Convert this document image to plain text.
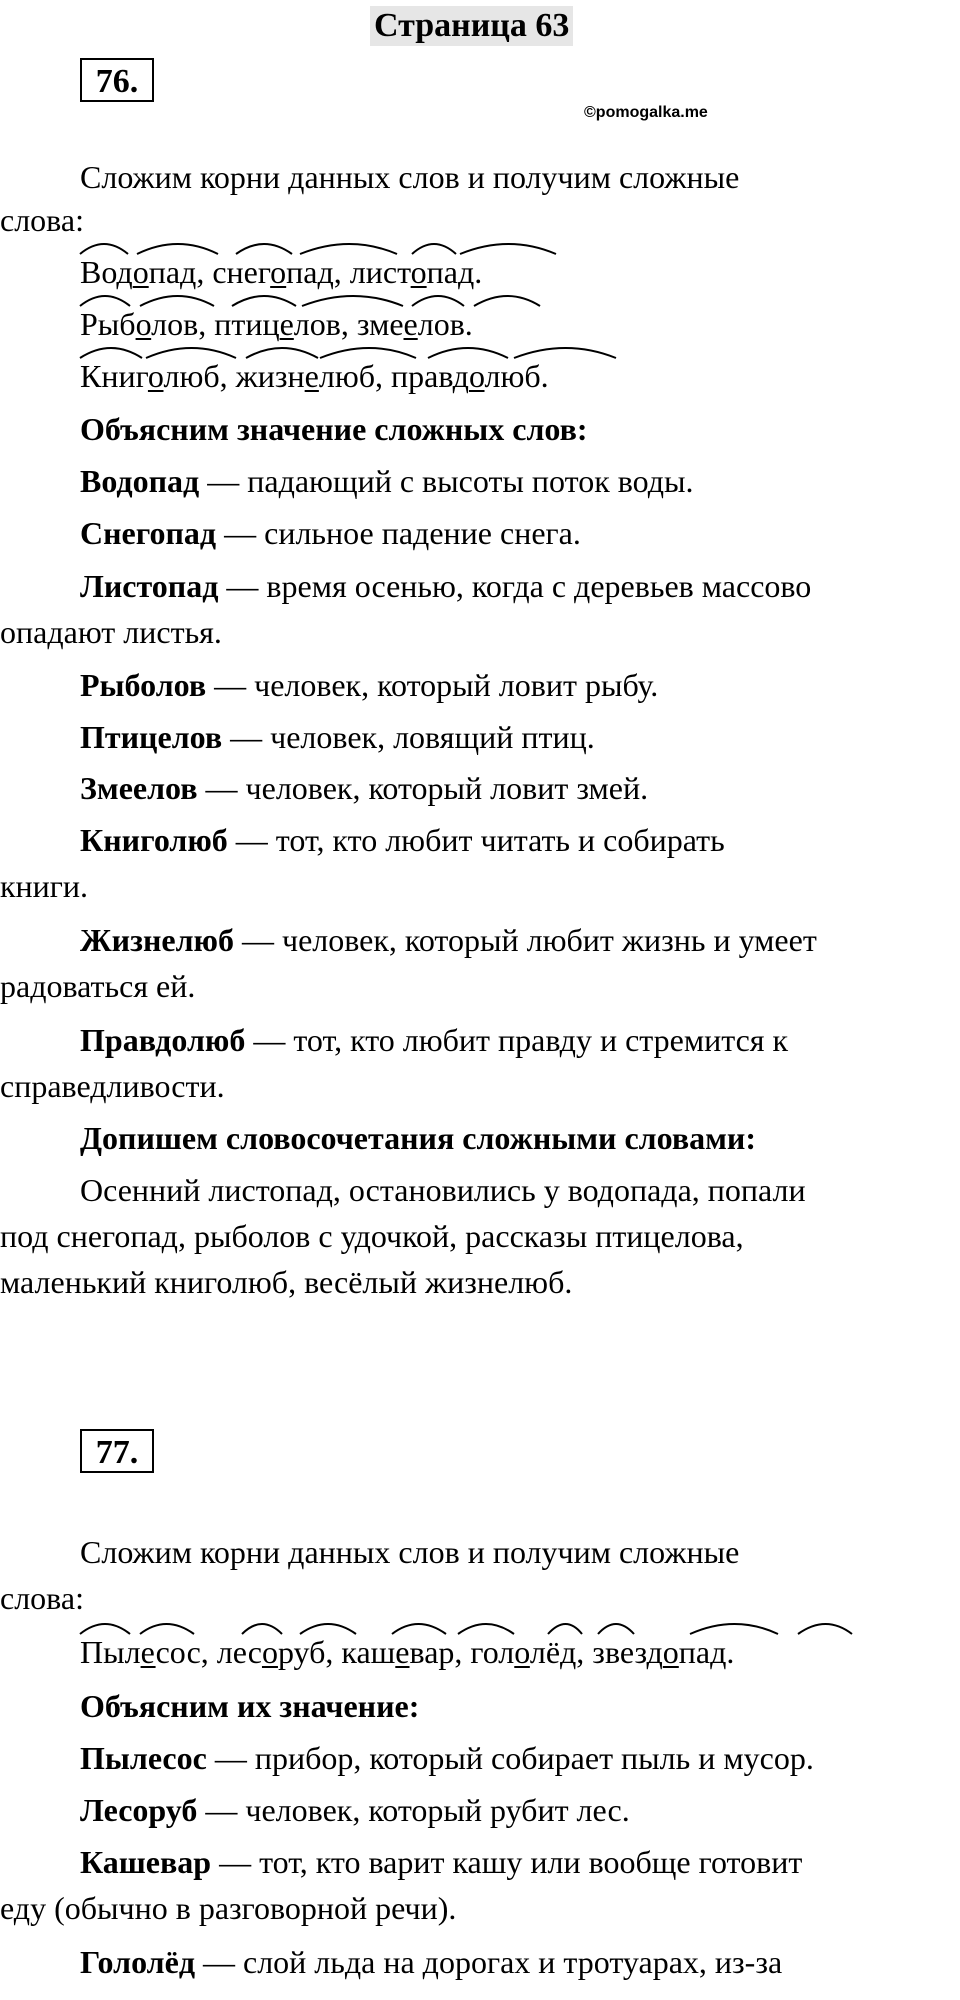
Страница 63
76.
©pomogalka.me
Сложим корни данных слов и получим сложные
слова:
Водопад, снегопад, листопад.
Рыболов, птицелов, змеелов.
Книголюб, жизнелюб, правдолюб.
Объясним значение сложных слов:
Водопад — падающий с высоты поток воды.
Снегопад — сильное падение снега.
Листопад — время осенью, когда с деревьев массово
опадают листья.
Рыболов — человек, который ловит рыбу.
Птицелов — человек, ловящий птиц.
Змеелов — человек, который ловит змей.
Книголюб — тот, кто любит читать и собирать
книги.
Жизнелюб — человек, который любит жизнь и умеет
радоваться ей.
Правдолюб — тот, кто любит правду и стремится к
справедливости.
Допишем словосочетания сложными словами:
Осенний листопад, остановились у водопада, попали
под снегопад, рыболов с удочкой, рассказы птицелова,
маленький книголюб, весёлый жизнелюб.
77.
Сложим корни данных слов и получим сложные
слова:
Пылесос, лесоруб, кашевар, гололёд, звездопад.
Объясним их значение:
Пылесос — прибор, который собирает пыль и мусор.
Лесоруб — человек, который рубит лес.
Кашевар — тот, кто варит кашу или вообще готовит
еду (обычно в разговорной речи).
Гололёд — слой льда на дорогах и тротуарах, из-за
